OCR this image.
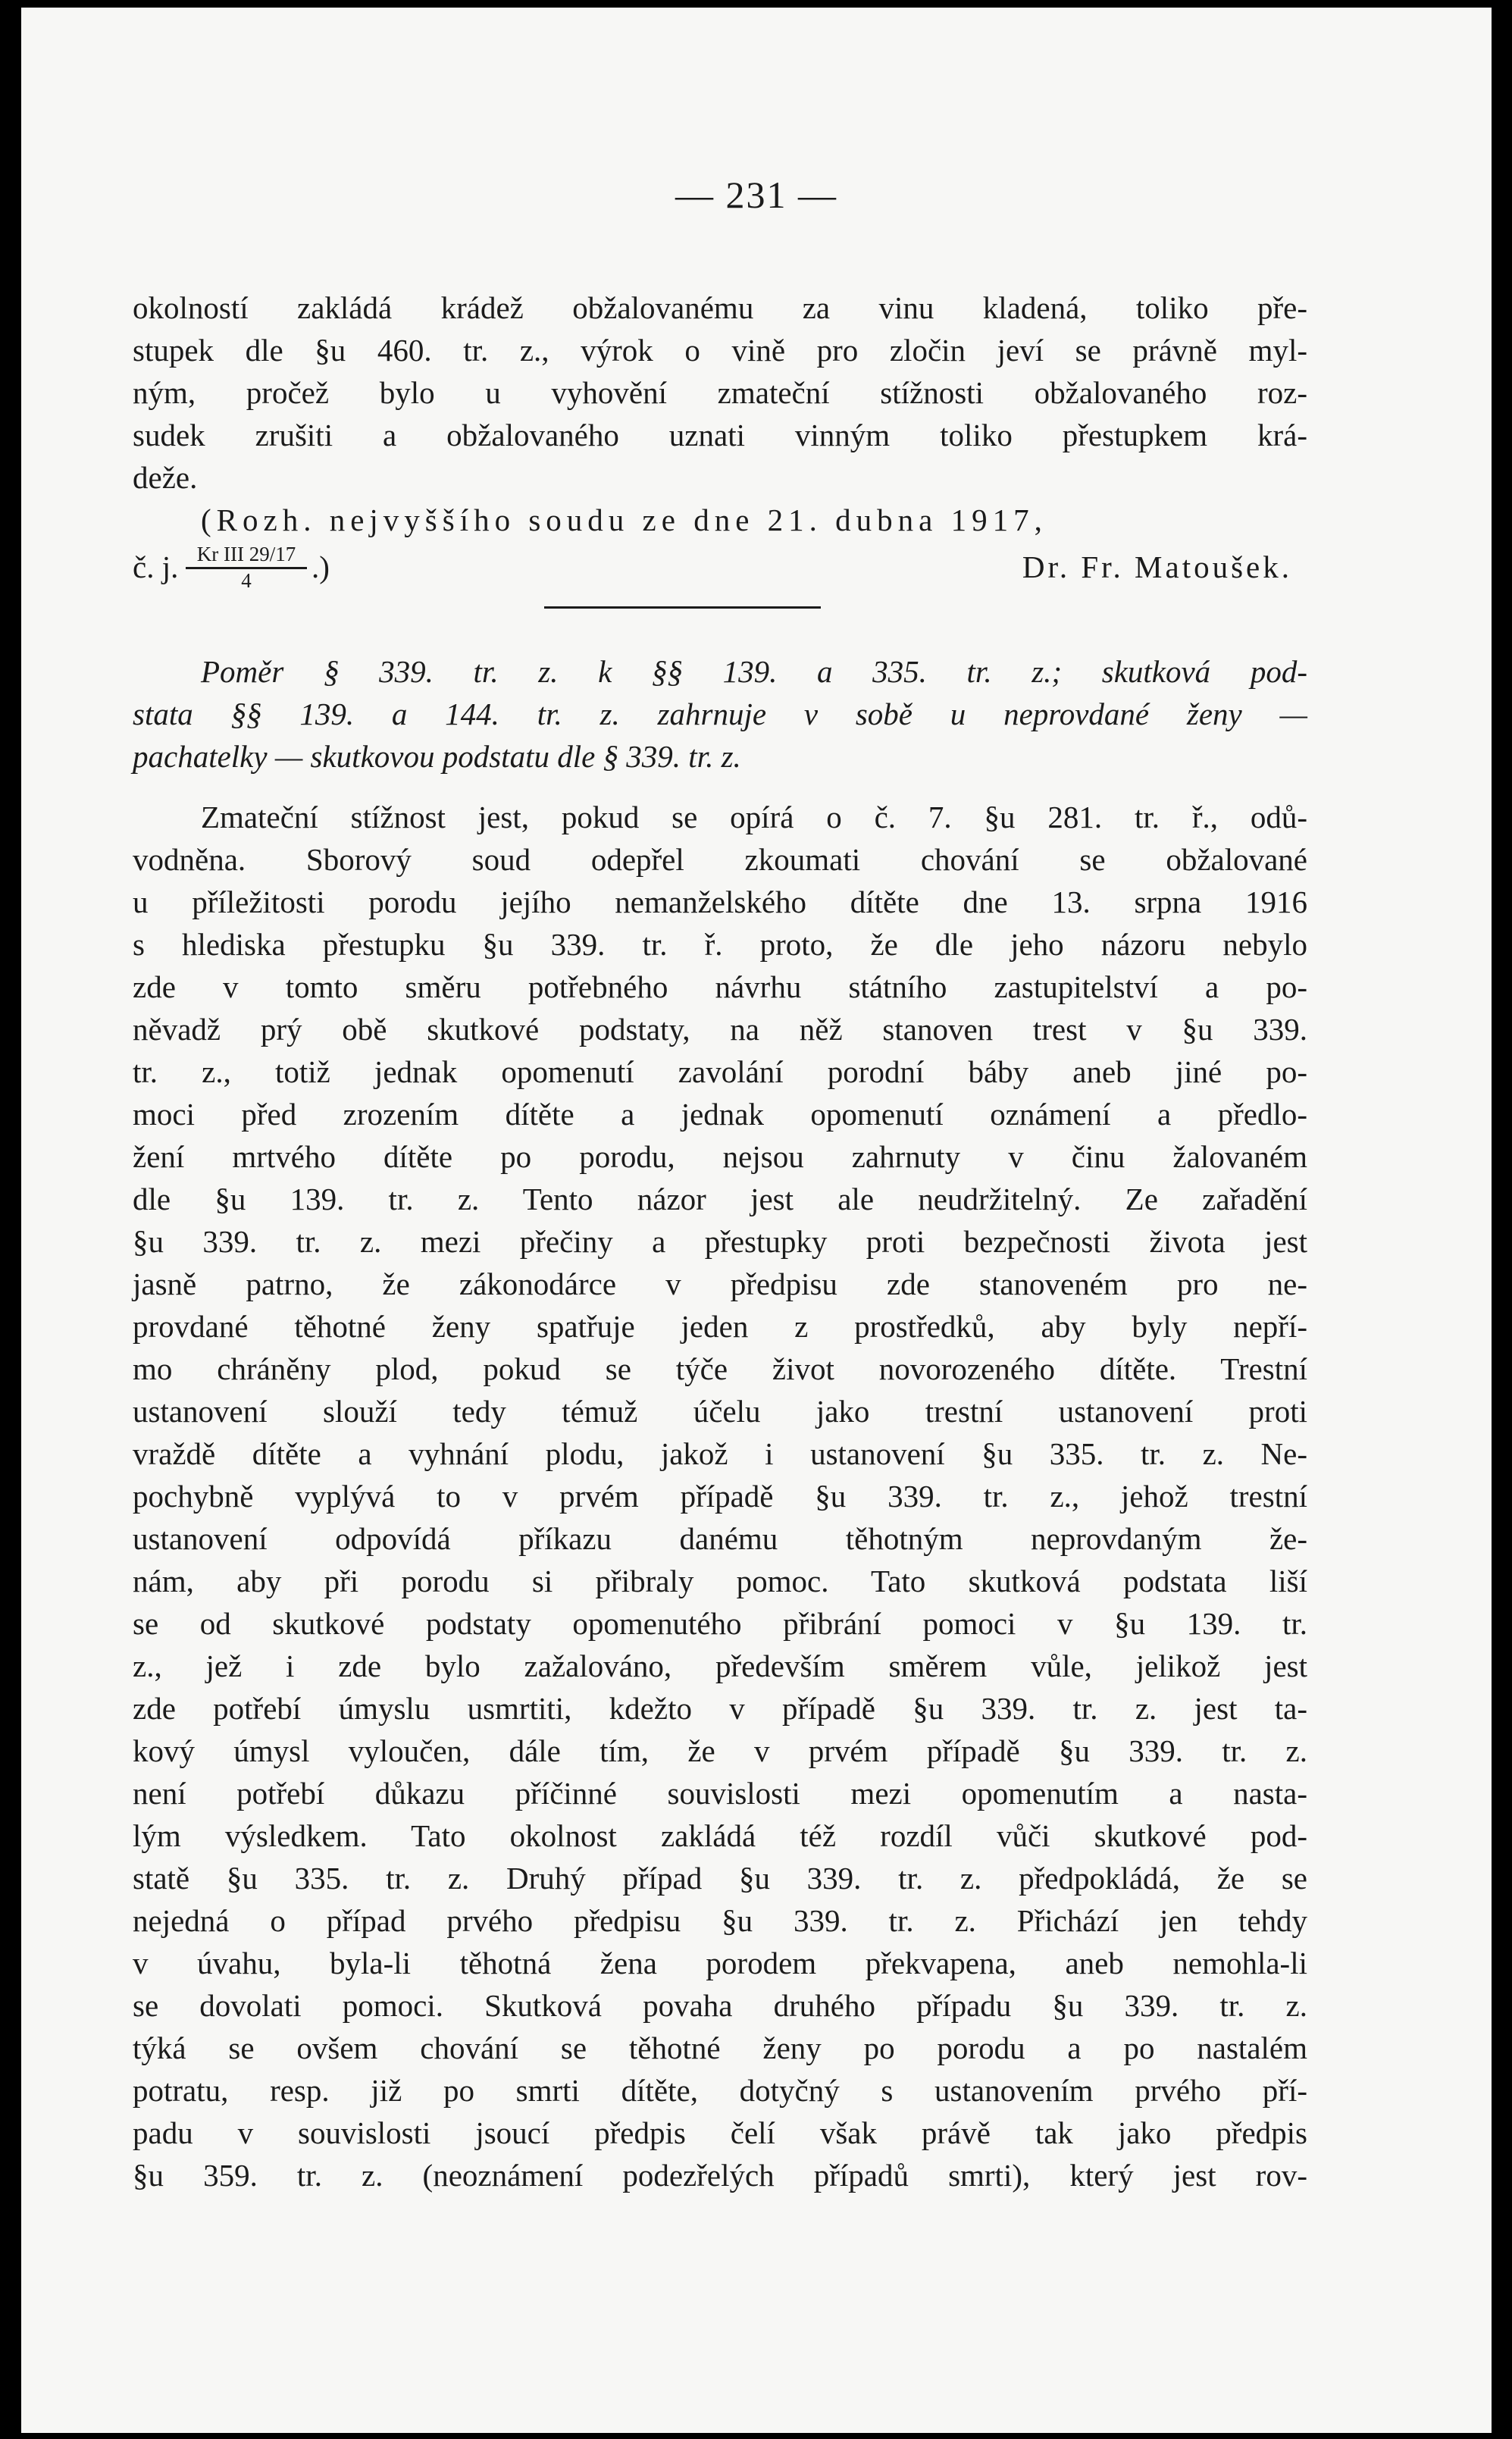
— 231 —

okolností zakládá krádež obžalovanému za vinu kladená, toliko pře-

stupek dle §u 460. tr. z., výrok o vině pro zločin jeví se právně myl-

ným, pročež bylo u vyhovění zmateční stížnosti obžalovaného roz-

sudek zrušiti a obžalovaného uznati vinným toliko přestupkem krá-

deže.

(Rozh. nejvyššího soudu ze dne 21. dubna 1917,

č. j. Kr III 29/17
4	.)	Dr. Fr. Matoušek.

Poměr § 339. tr. z. k §§ 139. a 335. tr. z.; skutková pod-

stata §§ 139. a 144. tr. z. zahrnuje v sobě u neprovdané ženy —

pachatelky — skutkovou podstatu dle § 339. tr. z.

Zmateční stížnost jest, pokud se opírá o č. 7. §u 281. tr. ř., odů-

vodněna. Sborový soud odepřel zkoumati chování se obžalované

u příležitosti porodu jejího nemanželského dítěte dne 13. srpna 1916

s hlediska přestupku §u 339. tr. ř. proto, že dle jeho názoru nebylo

zde v tomto směru potřebného návrhu státního zastupitelství a po-

něvadž prý obě skutkové podstaty, na něž stanoven trest v §u 339.

tr. z., totiž jednak opomenutí zavolání porodní báby aneb jiné po-

moci před zrozením dítěte a jednak opomenutí oznámení a předlo-

žení mrtvého dítěte po porodu, nejsou zahrnuty v činu žalovaném

dle §u 139. tr. z. Tento názor jest ale neudržitelný. Ze zařadění

§u 339. tr. z. mezi přečiny a přestupky proti bezpečnosti života jest

jasně patrno, že zákonodárce v předpisu zde stanoveném pro ne-

provdané těhotné ženy spatřuje jeden z prostředků, aby byly nepří-

mo chráněny plod, pokud se týče život novorozeného dítěte. Trestní

ustanovení slouží tedy témuž účelu jako trestní ustanovení proti

vraždě dítěte a vyhnání plodu, jakož i ustanovení §u 335. tr. z. Ne-

pochybně vyplývá to v prvém případě §u 339. tr. z., jehož trestní

ustanovení odpovídá příkazu danému těhotným neprovdaným že-

nám, aby při porodu si přibraly pomoc. Tato skutková podstata liší

se od skutkové podstaty opomenutého přibrání pomoci v §u 139. tr.

z., jež i zde bylo zažalováno, především směrem vůle, jelikož jest

zde potřebí úmyslu usmrtiti, kdežto v případě §u 339. tr. z. jest ta-

kový úmysl vyloučen, dále tím, že v prvém případě §u 339. tr. z.

není potřebí důkazu příčinné souvislosti mezi opomenutím a nasta-

lým výsledkem. Tato okolnost zakládá též rozdíl vůči skutkové pod-

statě §u 335. tr. z. Druhý případ §u 339. tr. z. předpokládá, že se

nejedná o případ prvého předpisu §u 339. tr. z. Přichází jen tehdy

v úvahu, byla-li těhotná žena porodem překvapena, aneb nemohla-li

se dovolati pomoci. Skutková povaha druhého případu §u 339. tr. z.

týká se ovšem chování se těhotné ženy po porodu a po nastalém

potratu, resp. již po smrti dítěte, dotyčný s ustanovením prvého pří-

padu v souvislosti jsoucí předpis čelí však právě tak jako předpis

§u 359. tr. z. (neoznámení podezřelých případů smrti), který jest rov-
